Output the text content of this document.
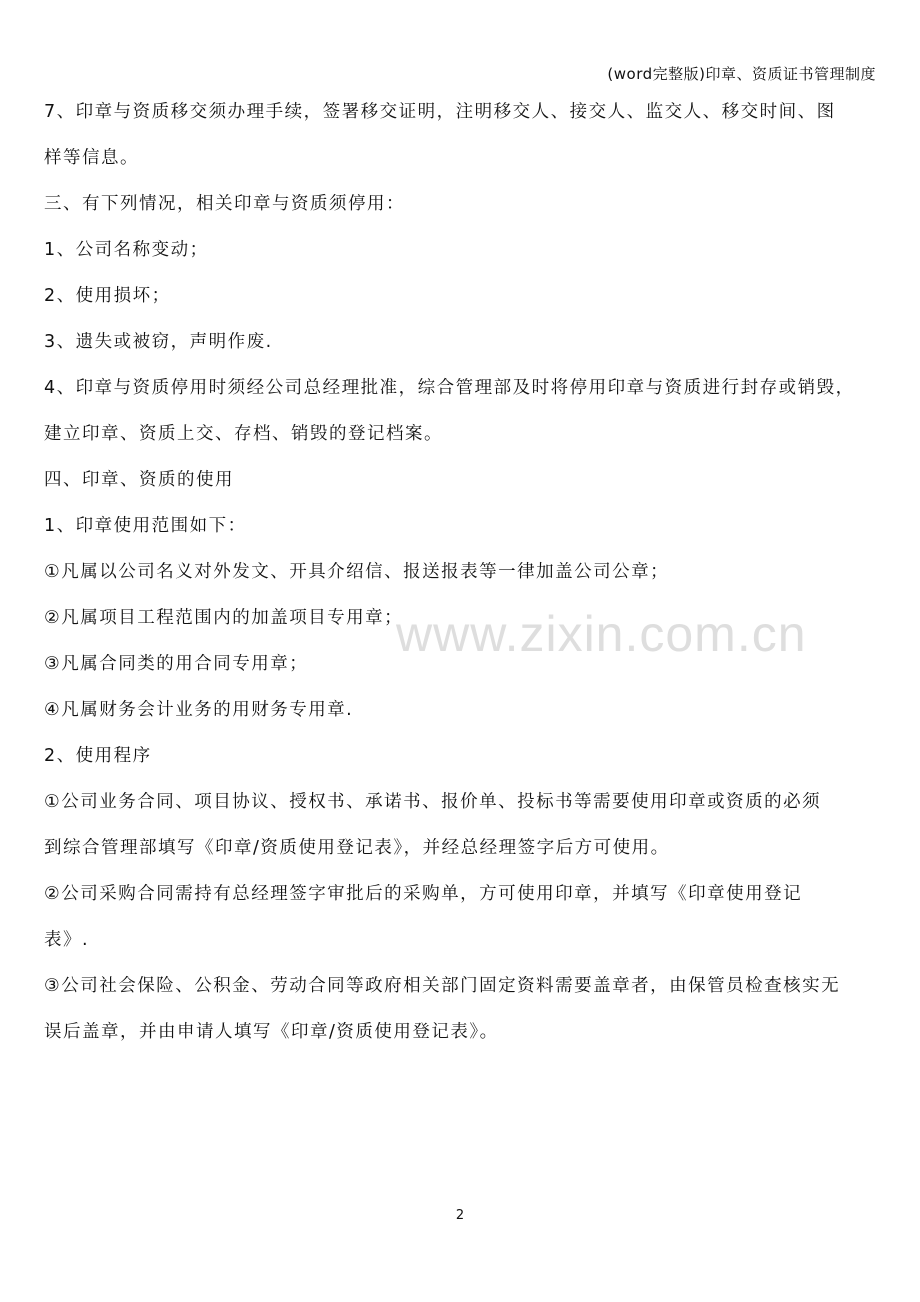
(word完整版)印章、资质证书管理制度
7、印章与资质移交须办理手续，签署移交证明，注明移交人、接交人、监交人、移交时间、图
样等信息。
三、有下列情况，相关印章与资质须停用：
1、公司名称变动；
2、使用损坏；
3、遗失或被窃，声明作废.
4、印章与资质停用时须经公司总经理批准，综合管理部及时将停用印章与资质进行封存或销毁，
建立印章、资质上交、存档、销毁的登记档案。
四、印章、资质的使用
1、印章使用范围如下：
①凡属以公司名义对外发文、开具介绍信、报送报表等一律加盖公司公章；
②凡属项目工程范围内的加盖项目专用章；
③凡属合同类的用合同专用章；
④凡属财务会计业务的用财务专用章.
2、使用程序
①公司业务合同、项目协议、授权书、承诺书、报价单、投标书等需要使用印章或资质的必须
到综合管理部填写《印章/资质使用登记表》，并经总经理签字后方可使用。
②公司采购合同需持有总经理签字审批后的采购单，方可使用印章，并填写《印章使用登记
表》.
③公司社会保险、公积金、劳动合同等政府相关部门固定资料需要盖章者，由保管员检查核实无
误后盖章，并由申请人填写《印章/资质使用登记表》。
www.zixin.com.cn
2
